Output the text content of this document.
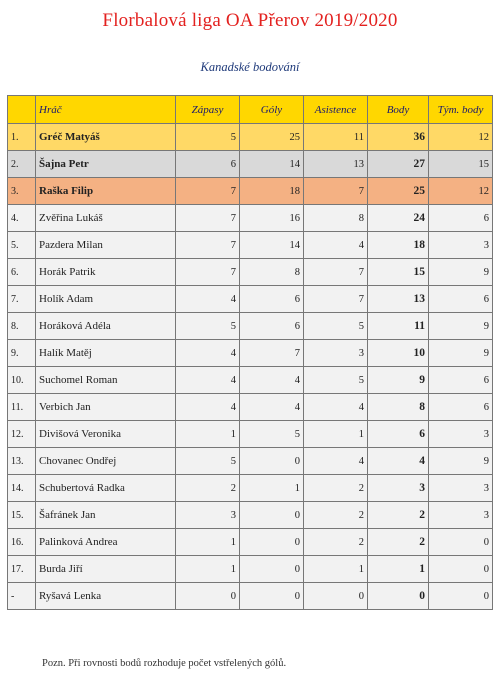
Florbalová liga OA Přerov 2019/2020
Kanadské bodování
	Hráč	Zápasy	Góly	Asistence	Body	Tým. body
1.	Gréč Matyáš	5	25	11	36	12
2.	Šajna Petr	6	14	13	27	15
3.	Raška Filip	7	18	7	25	12
4.	Zvěřina Lukáš	7	16	8	24	6
5.	Pazdera Milan	7	14	4	18	3
6.	Horák Patrik	7	8	7	15	9
7.	Holík Adam	4	6	7	13	6
8.	Horáková Adéla	5	6	5	11	9
9.	Halík Matěj	4	7	3	10	9
10.	Suchomel Roman	4	4	5	9	6
11.	Verbich Jan	4	4	4	8	6
12.	Divišová Veronika	1	5	1	6	3
13.	Chovanec Ondřej	5	0	4	4	9
14.	Schubertová Radka	2	1	2	3	3
15.	Šafránek Jan	3	0	2	2	3
16.	Palinková Andrea	1	0	2	2	0
17.	Burda Jiří	1	0	1	1	0
-	Ryšavá Lenka	0	0	0	0	0
Pozn. Při rovnosti bodů rozhoduje počet vstřelených gólů.
